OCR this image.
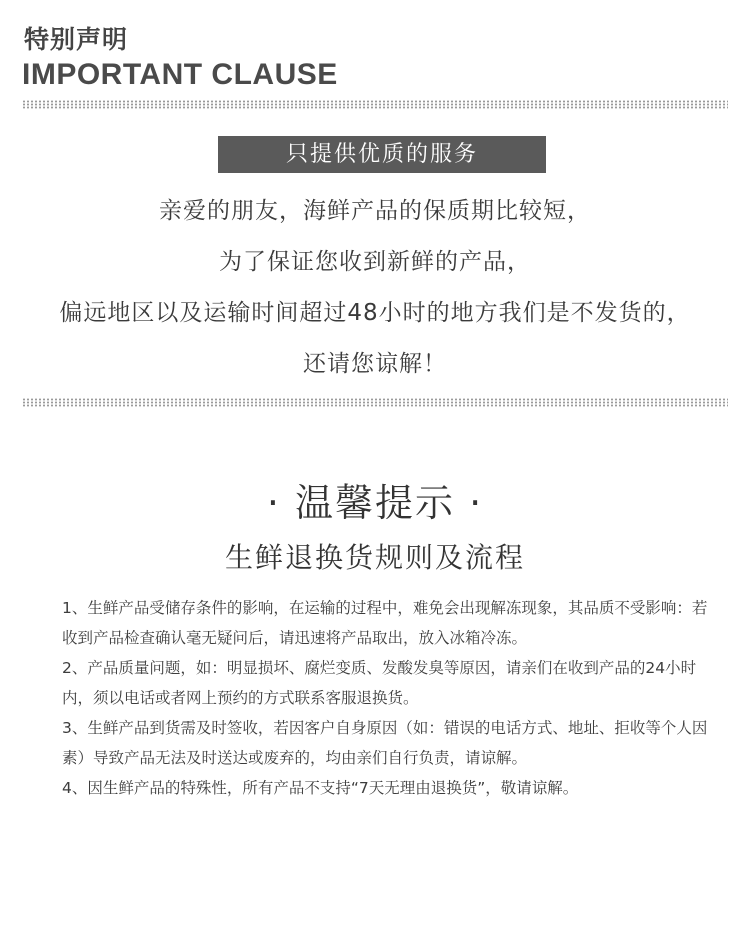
特别声明
IMPORTANT CLAUSE
只提供优质的服务
亲爱的朋友，海鲜产品的保质期比较短，
为了保证您收到新鲜的产品，
偏远地区以及运输时间超过48小时的地方我们是不发货的，
还请您谅解！
· 温馨提示 ·
生鲜退换货规则及流程

1、生鲜产品受储存条件的影响，在运输的过程中，难免会出现解冻现象，其品质不受影响：若收到产品检查确认毫无疑问后，请迅速将产品取出，放入冰箱冷冻。

2、产品质量问题，如：明显损坏、腐烂变质、发酸发臭等原因，请亲们在收到产品的24小时内，须以电话或者网上预约的方式联系客服退换货。

3、生鲜产品到货需及时签收，若因客户自身原因（如：错误的电话方式、地址、拒收等个人因素）导致产品无法及时送达或废弃的，均由亲们自行负责，请谅解。

4、因生鲜产品的特殊性，所有产品不支持“7天无理由退换货”，敬请谅解。
